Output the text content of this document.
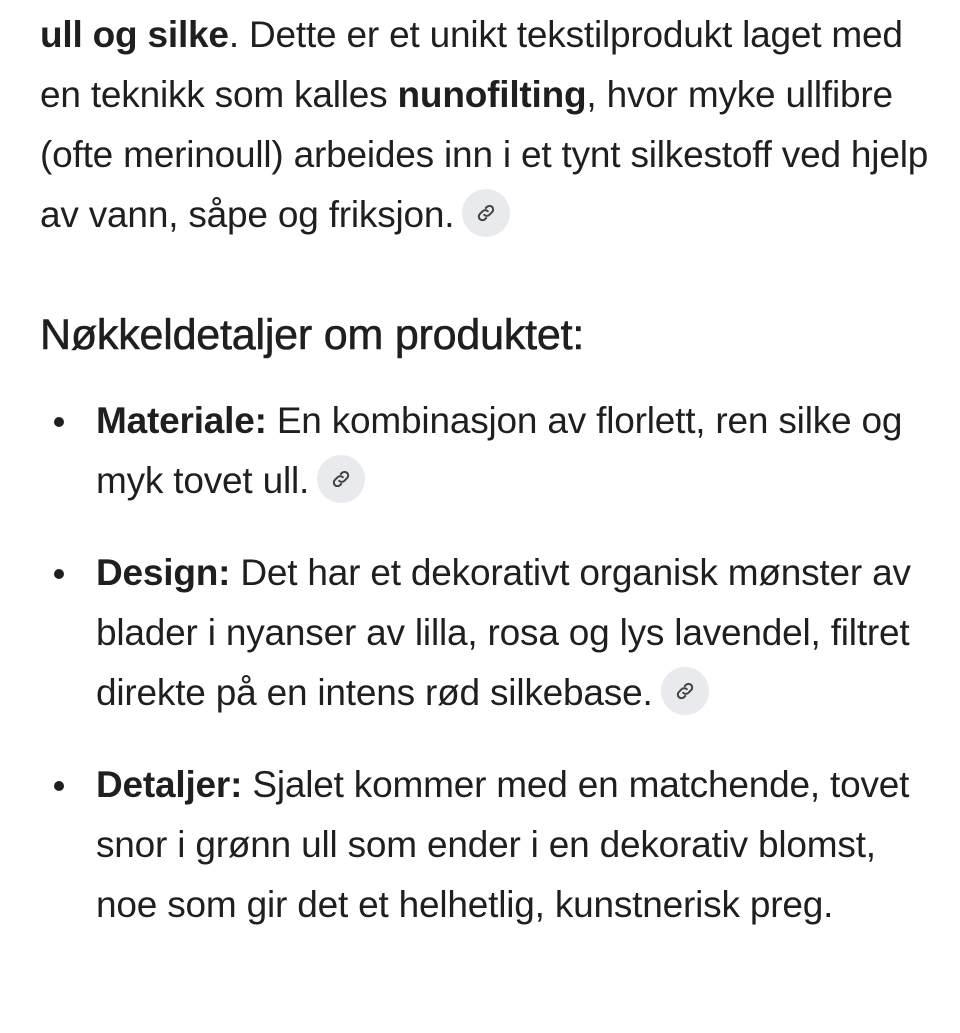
ull og silke. Dette er et unikt tekstilprodukt laget med en teknikk som kalles nunofilting, hvor myke ullfibre (ofte merinoull) arbeides inn i et tynt silkestoff ved hjelp av vann, såpe og friksjon.

Nøkkeldetaljer om produktet:
Materiale: En kombinasjon av florlett, ren silke og myk tovet ull.
Design: Det har et dekorativt organisk mønster av blader i nyanser av lilla, rosa og lys lavendel, filtret direkte på en intens rød silkebase.
Detaljer: Sjalet kommer med en matchende, tovet snor i grønn ull som ender i en dekorativ blomst, noe som gir det et helhetlig, kunstnerisk preg.
